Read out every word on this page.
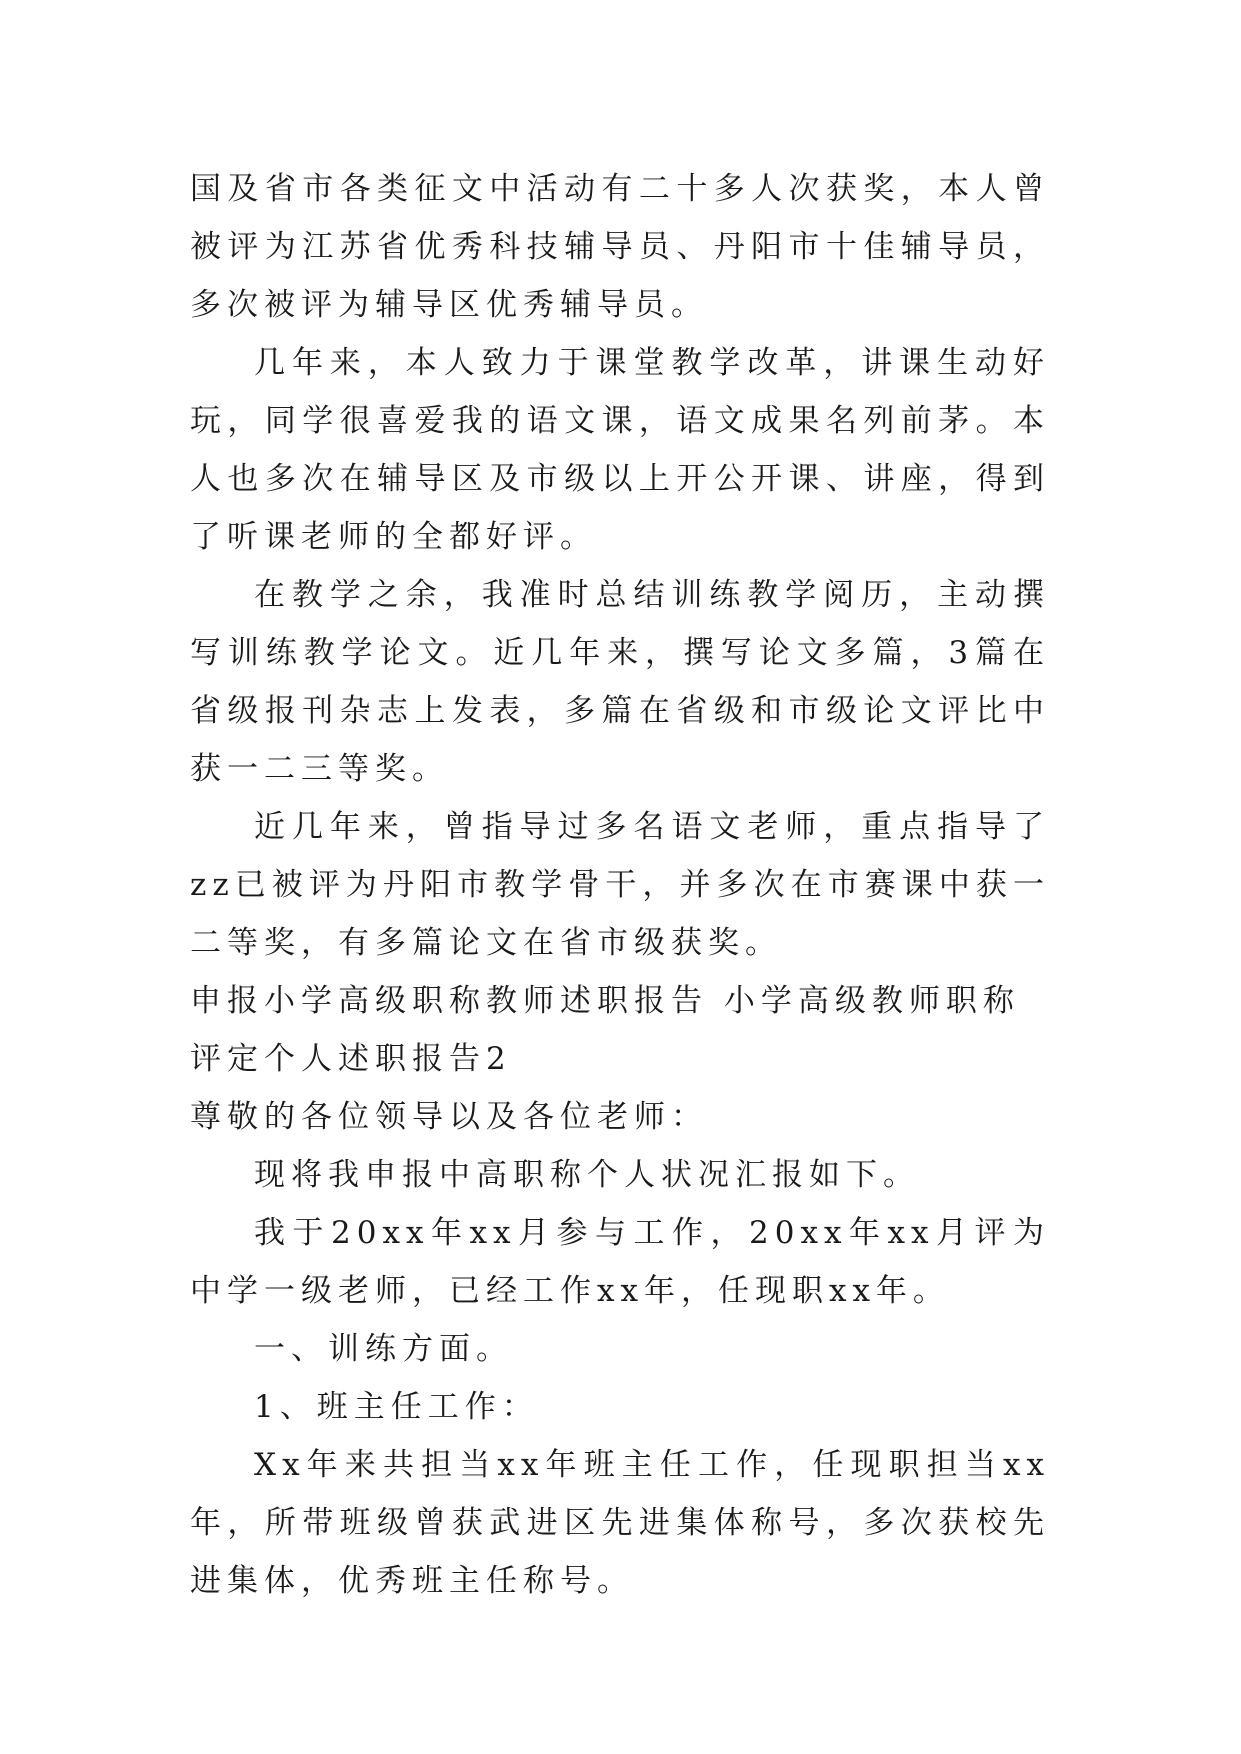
国及省市各类征文中活动有二十多人次获奖，本人曾被评为江苏省优秀科技辅导员、丹阳市十佳辅导员，多次被评为辅导区优秀辅导员。

几年来，本人致力于课堂教学改革，讲课生动好玩，同学很喜爱我的语文课，语文成果名列前茅。本人也多次在辅导区及市级以上开公开课、讲座，得到了听课老师的全都好评。

在教学之余，我准时总结训练教学阅历，主动撰写训练教学论文。近几年来，撰写论文多篇，3篇在省级报刊杂志上发表，多篇在省级和市级论文评比中获一二三等奖。

近几年来，曾指导过多名语文老师，重点指导了zz已被评为丹阳市教学骨干，并多次在市赛课中获一二等奖，有多篇论文在省市级获奖。

申报小学高级职称教师述职报告 小学高级教师职称评定个人述职报告2

尊敬的各位领导以及各位老师：

现将我申报中高职称个人状况汇报如下。

我于20xx年xx月参与工作，20xx年xx月评为中学一级老师，已经工作xx年，任现职xx年。

一、训练方面。

1、班主任工作：

Xx年来共担当xx年班主任工作，任现职担当xx年，所带班级曾获武进区先进集体称号，多次获校先进集体，优秀班主任称号。
